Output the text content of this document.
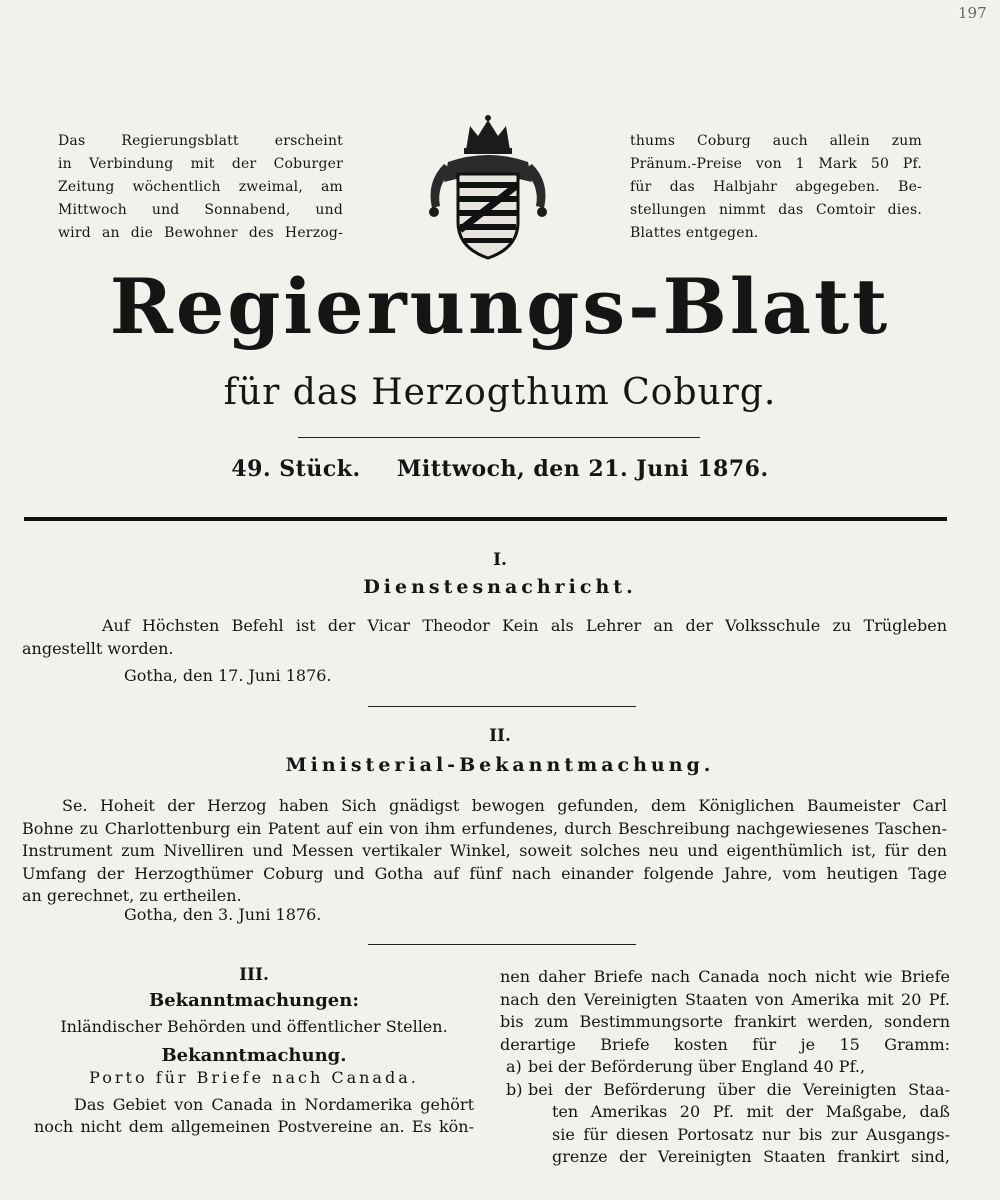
197
Das Regierungsblatt erscheint
in Verbindung mit der Coburger
Zeitung wöchentlich zweimal, am
Mittwoch und Sonnabend, und
wird an die Bewohner des Herzog-
thums Coburg auch allein zum
Pränum.-Preise von 1 Mark 50 Pf.
für das Halbjahr abgegeben. Be-
stellungen nimmt das Comtoir dies.
Blattes entgegen.
Regierungs-Blatt
für das Herzogthum Coburg.
49. Stück. Mittwoch, den 21. Juni 1876.
I.
Dienstesnachricht.
Auf Höchsten Befehl ist der Vicar Theodor Kein als Lehrer an der Volksschule zu Trügleben
angestellt worden.
Gotha, den 17. Juni 1876.
II.
Ministerial-Bekanntmachung.
Se. Hoheit der Herzog haben Sich gnädigst bewogen gefunden, dem Königlichen Baumeister Carl
Bohne zu Charlottenburg ein Patent auf ein von ihm erfundenes, durch Beschreibung nachgewiesenes Taschen-
Instrument zum Nivelliren und Messen vertikaler Winkel, soweit solches neu und eigenthümlich ist, für den
Umfang der Herzogthümer Coburg und Gotha auf fünf nach einander folgende Jahre, vom heutigen Tage
an gerechnet, zu ertheilen.
Gotha, den 3. Juni 1876.
III.
Bekanntmachungen:
Inländischer Behörden und öffentlicher Stellen.
Bekanntmachung.
Porto für Briefe nach Canada.
Das Gebiet von Canada in Nordamerika gehört
noch nicht dem allgemeinen Postvereine an. Es kön-
nen daher Briefe nach Canada noch nicht wie Briefe
nach den Vereinigten Staaten von Amerika mit 20 Pf.
bis zum Bestimmungsorte frankirt werden, sondern
derartige Briefe kosten für je 15 Gramm:
a) bei der Beförderung über England 40 Pf.,
b) bei der Beförderung über die Vereinigten Staa-
ten Amerikas 20 Pf. mit der Maßgabe, daß
sie für diesen Portosatz nur bis zur Ausgangs-
grenze der Vereinigten Staaten frankirt sind,
